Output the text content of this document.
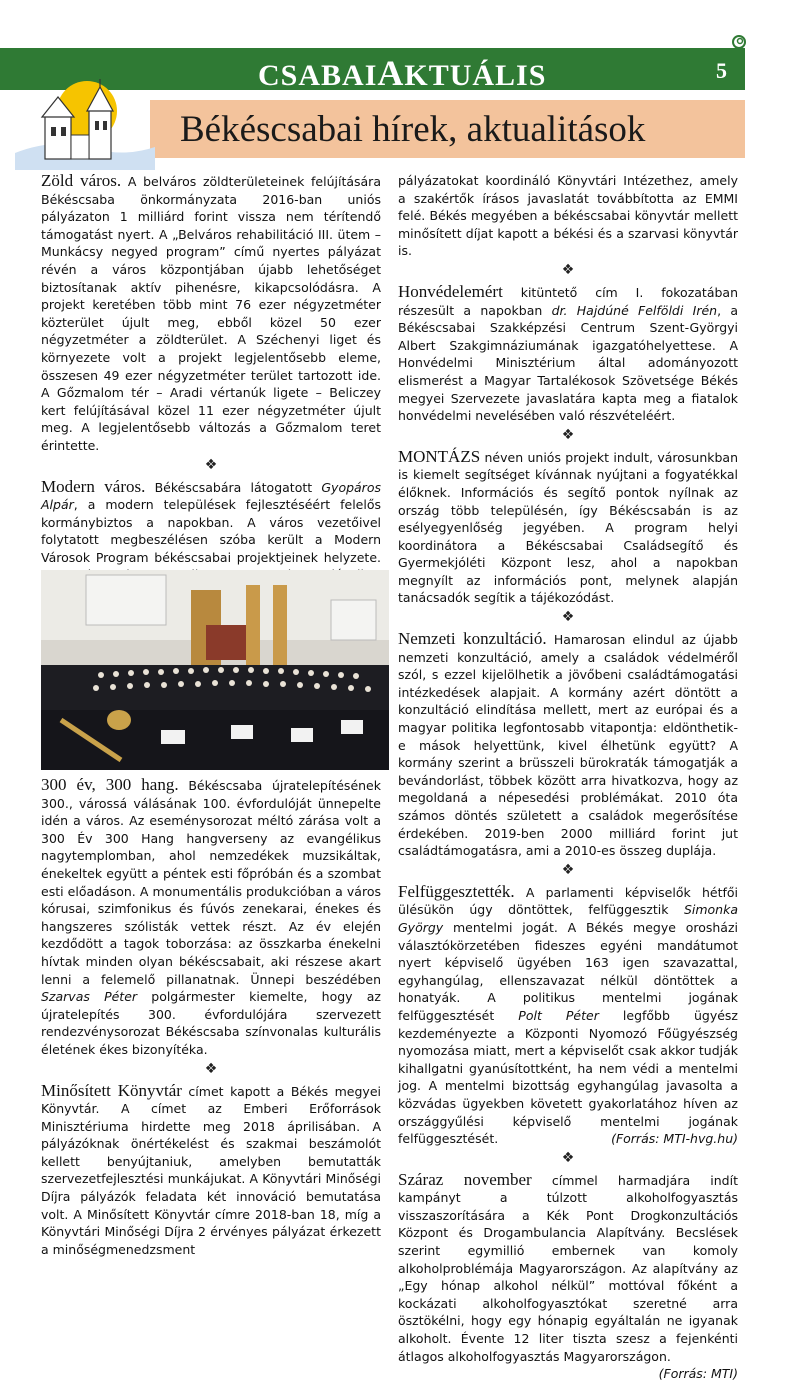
CSABAIAKTUÁLIS	5
Békéscsabai hírek, aktualitások

Zöld város. A belváros zöldterületeinek felújítására Békéscsaba önkormányzata 2016-ban uniós pályázaton 1 milliárd forint vissza nem térítendő támogatást nyert. A „Belváros rehabilitáció III. ütem – Munkácsy negyed program” című nyertes pályázat révén a város központjában újabb lehetőséget biztosítanak aktív pihenésre, kikapcsolódásra. A projekt keretében több mint 76 ezer négyzetméter közterület újult meg, ebből közel 50 ezer négyzetméter a zöldterület. A Széchenyi liget és környezete volt a projekt legjelentősebb eleme, összesen 49 ezer négyzetméter terület tartozott ide. A Gőzmalom tér – Aradi vértanúk ligete – Beliczey kert felújításával közel 11 ezer négyzetméter újult meg. A legjelentősebb változás a Gőzmalom teret érintette.

❖

Modern város. Békéscsabára látogatott Gyopáros Alpár, a modern települések fejlesztéséért felelős kormánybiztos a napokban. A város vezetőivel folytatott megbeszélésen szóba került a Modern Városok Program békéscsabai projektjeinek helyzete.

300 év, 300 hang. Békéscsaba újratelepítésének 300., várossá válásának 100. évfordulóját ünnepelte idén a város. Az eseménysorozat méltó zárása volt a 300 Év 300 Hang hangverseny az evangélikus nagytemplomban, ahol nemzedékek muzsikáltak, énekeltek együtt a péntek esti főpróbán és a szombat esti előadáson. A monumentális produkcióban a város kórusai, szimfonikus és fúvós zenekarai, énekes és hangszeres szólisták vettek részt. Az év elején kezdődött a tagok toborzása: az összkarba énekelni hívtak minden olyan békéscsabait, aki részese akart lenni a felemelő pillanatnak. Ünnepi beszédében Szarvas Péter polgármester kiemelte, hogy az újratelepítés 300. évfordulójára szervezett rendezvénysorozat Békéscsaba színvonalas kulturális életének ékes bizonyítéka.

❖

Minősített Könyvtár címet kapott a Békés megyei Könyvtár. A címet az Emberi Erőforrások Minisztériuma hirdette meg 2018 áprilisában. A pályázóknak önértékelést és szakmai beszámolót kellett benyújtaniuk, amelyben bemutatták szervezetfejlesztési munkájukat. A Könyvtári Minőségi Díjra pályázók feladata két innováció bemutatása volt. A Minősített Könyvtár címre 2018-ban 18, míg a Könyvtári Minőségi Díjra 2 érvényes pályázat érkezett a minőségmenedzsment

pályázatokat koordináló Könyvtári Intézethez, amely a szakértők írásos javaslatát továbbította az EMMI felé. Békés megyében a békéscsabai könyvtár mellett minősített díjat kapott a békési és a szarvasi könyvtár is.

❖

Honvédelemért kitüntető cím I. fokozatában részesült a napokban dr. Hajdúné Felföldi Irén, a Békéscsabai Szakképzési Centrum Szent-Györgyi Albert Szakgimnáziumának igazgatóhelyettese. A Honvédelmi Minisztérium által adományozott elismerést a Magyar Tartalékosok Szövetsége Békés megyei Szervezete javaslatára kapta meg a fiatalok honvédelmi nevelésében való részvételéért.

❖

MONTÁZS néven uniós projekt indult, városunkban is kiemelt segítséget kívánnak nyújtani a fogyatékkal élőknek. Információs és segítő pontok nyílnak az ország több településén, így Békéscsabán is az esélyegyenlőség jegyében. A program helyi koordinátora a Békéscsabai Családsegítő és Gyermekjóléti Központ lesz, ahol a napokban megnyílt az információs pont, melynek alapján tanácsadók segítik a tájékozódást.

❖

Nemzeti konzultáció. Hamarosan elindul az újabb nemzeti konzultáció, amely a családok védelméről szól, s ezzel kijelölhetik a jövőbeni családtámogatási intézkedések alapjait. A kormány azért döntött a konzultáció elindítása mellett, mert az európai és a magyar politika legfontosabb vitapontja: eldönthetik-e mások helyettünk, kivel élhetünk együtt? A kormány szerint a brüsszeli bürokraták támogatják a bevándorlást, többek között arra hivatkozva, hogy az megoldaná a népesedési problémákat. 2010 óta számos döntés született a családok megerősítése érdekében. 2019-ben 2000 milliárd forint jut családtámogatásra, ami a 2010-es összeg duplája.

❖

Felfüggesztették. A parlamenti képviselők hétfői ülésükön úgy döntöttek, felfüggesztik Simonka György mentelmi jogát. A Békés megye orosházi választókörzetében fideszes egyéni mandátumot nyert képviselő ügyében 163 igen szavazattal, egyhangúlag, ellenszavazat nélkül döntöttek a honatyák. A politikus mentelmi jogának felfüggesztését Polt Péter legfőbb ügyész kezdeményezte a Központi Nyomozó Főügyészség nyomozása miatt, mert a képviselőt csak akkor tudják kihallgatni gyanúsítottként, ha nem védi a mentelmi jog. A mentelmi bizottság egyhangúlag javasolta a közvádas ügyekben követett gyakorlatához híven az országgyűlési képviselő mentelmi jogának felfüggesztését.	(Forrás: MTI-hvg.hu)

❖

Száraz november címmel harmadjára indít kampányt a túlzott alkoholfogyasztás visszaszorítására a Kék Pont Drogkonzultációs Központ és Drogambulancia Alapítvány. Becslések szerint egymillió embernek van komoly alkoholproblémája Magyarországon. Az alapítvány az „Egy hónap alkohol nélkül” mottóval főként a kockázati alkoholfogyasztókat szeretné arra ösztökélni, hogy egy hónapig egyáltalán ne igyanak alkoholt. Évente 12 liter tiszta szesz a fejenkénti átlagos alkoholfogyasztás Magyarországon.
(Forrás: MTI)
